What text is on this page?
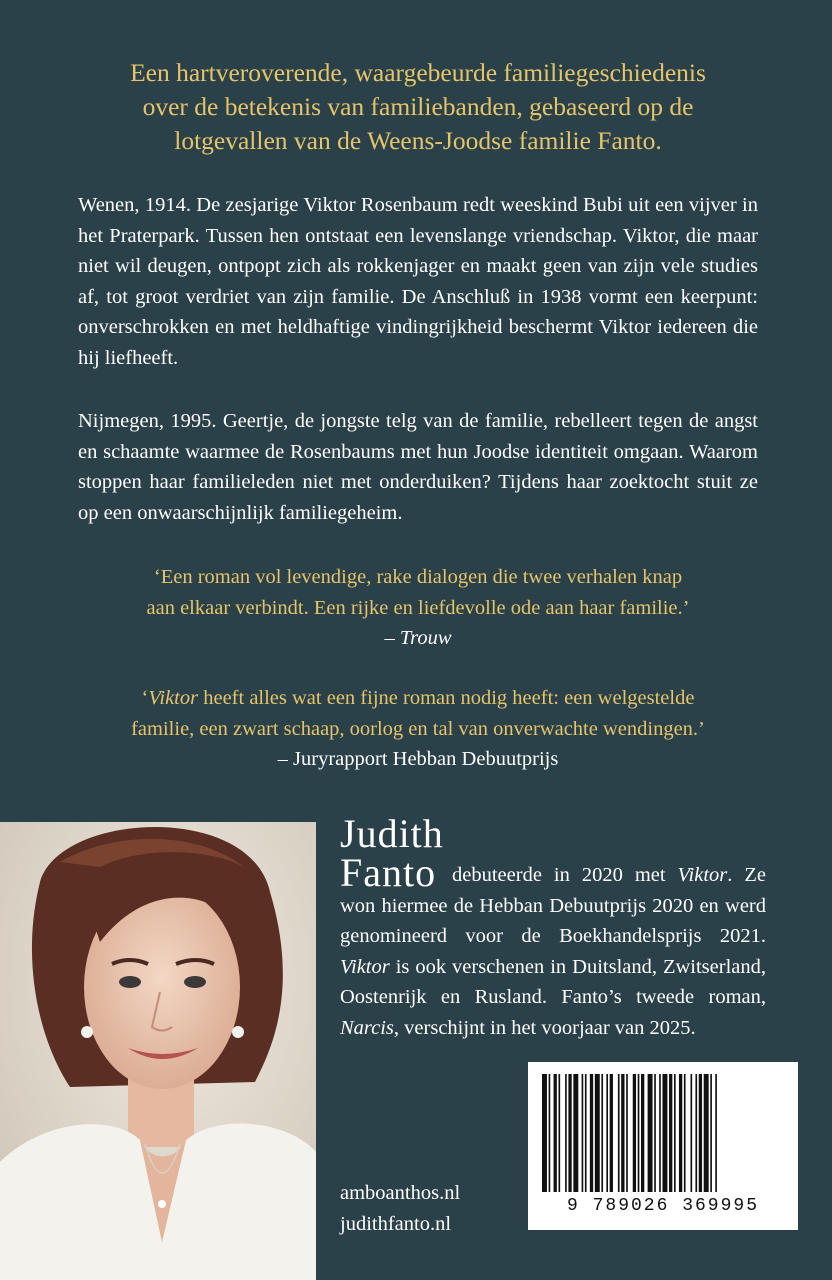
Een hartveroverende, waargebeurde familiegeschiedenis
over de betekenis van familiebanden, gebaseerd op de
lotgevallen van de Weens-Joodse familie Fanto.
Wenen, 1914. De zesjarige Viktor Rosenbaum redt weeskind Bubi uit een vijver in het Praterpark. Tussen hen ontstaat een levenslange vriendschap. Viktor, die maar niet wil deugen, ontpopt zich als rokkenjager en maakt geen van zijn vele studies af, tot groot verdriet van zijn familie. De Anschluß in 1938 vormt een keerpunt: onverschrokken en met heldhaftige vindingrijkheid beschermt Viktor iedereen die hij liefheeft.
Nijmegen, 1995. Geertje, de jongste telg van de familie, rebelleert tegen de angst en schaamte waarmee de Rosenbaums met hun Joodse identiteit omgaan. Waarom stoppen haar familieleden niet met onderduiken? Tijdens haar zoektocht stuit ze op een onwaarschijnlijk familiegeheim.
‘Een roman vol levendige, rake dialogen die twee verhalen knap
aan elkaar verbindt. Een rijke en liefdevolle ode aan haar familie.’
– Trouw
‘Viktor heeft alles wat een fijne roman nodig heeft: een welgestelde
familie, een zwart schaap, oorlog en tal van onverwachte wendingen.’
– Juryrapport Hebban Debuutprijs
Judith
Fanto debuteerde in 2020 met Viktor. Ze won hiermee de Hebban Debuutprijs 2020 en werd genomineerd voor de Boekhandelsprijs 2021. Viktor is ook verschenen in Duitsland, Zwitserland, Oostenrijk en Rusland. Fanto’s tweede roman, Narcis, verschijnt in het voorjaar van 2025.
amboanthos.nl
judithfanto.nl
9 789026 369995
